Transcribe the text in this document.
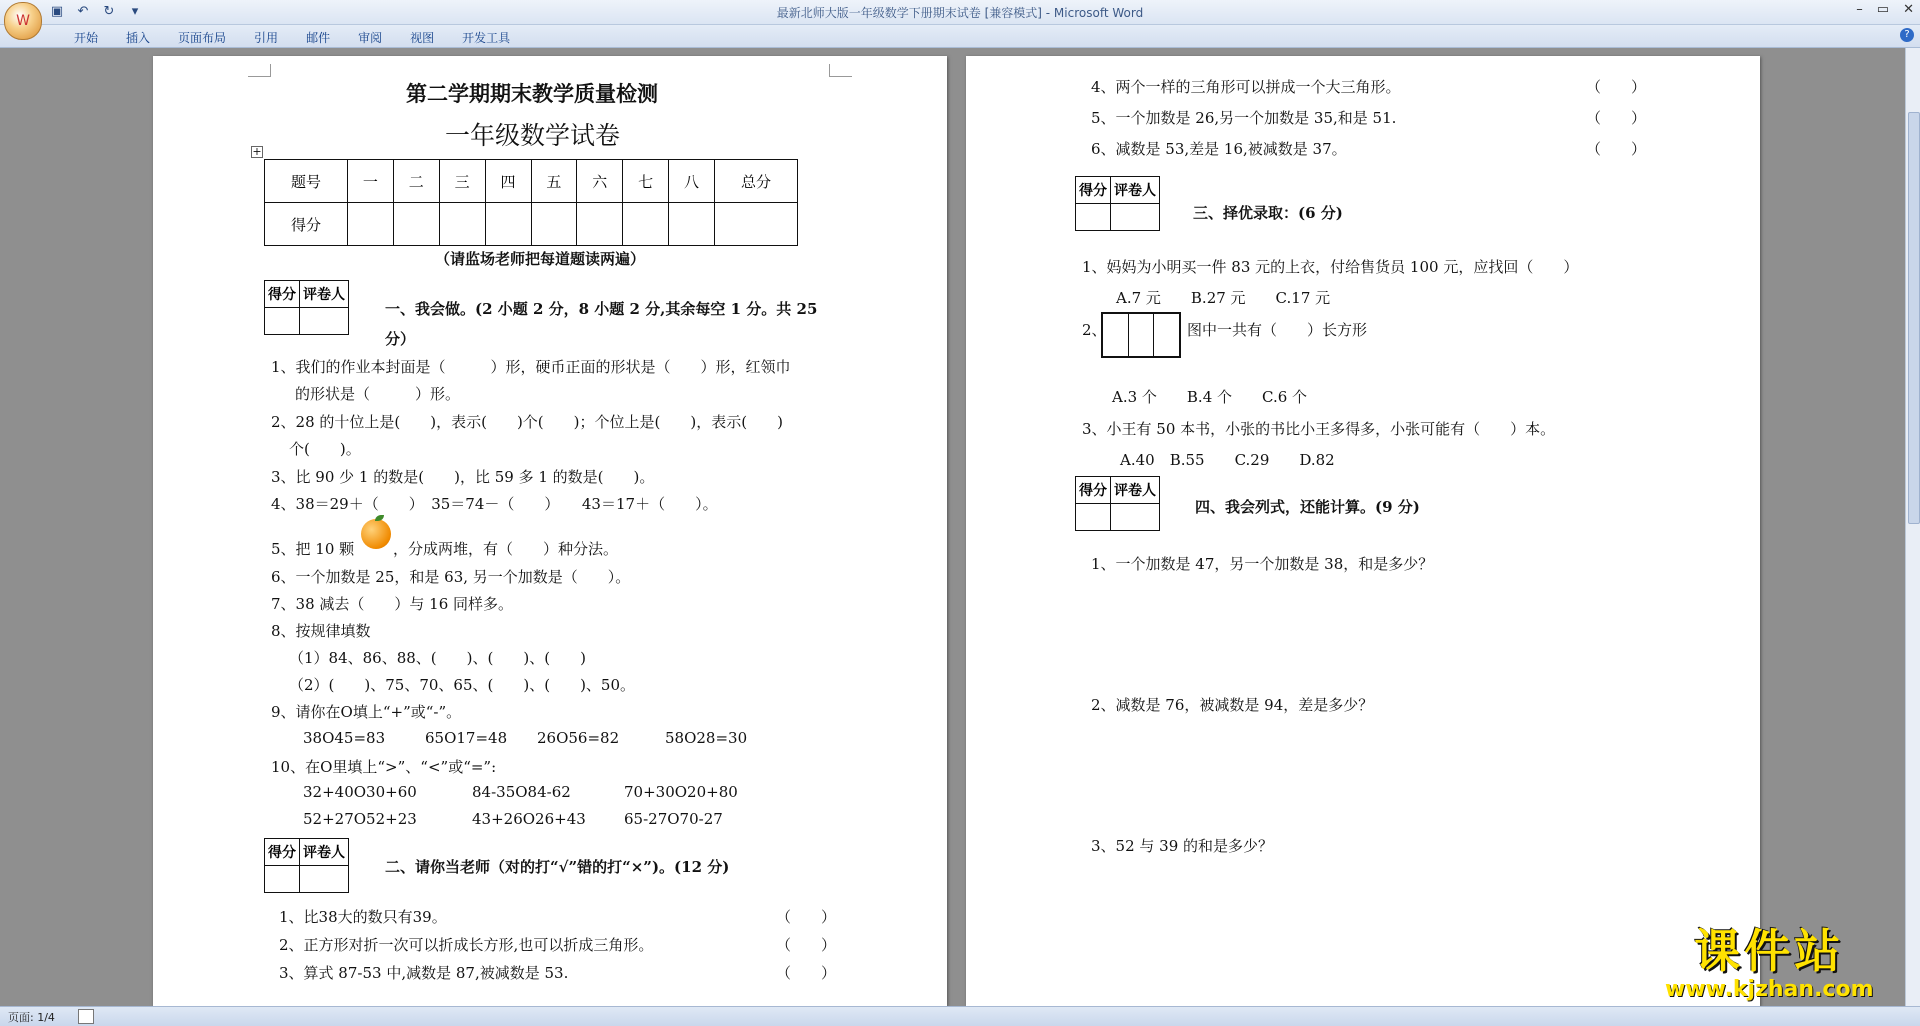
▣ ↶ ↻	▾	最新北师大版一年级数学下册期末试卷 [兼容模式] - Microsoft Word	– ▭ ✕
W
开始	插入	页面布局	引用	邮件	审阅	视图	开发工具	?
第二学期期末教学质量检测
一年级数学试卷
+
题号	一	二	三	四	五	六	七	八	总分
得分									
（请监场老师把每道题读两遍）
得分	评卷人

一、我会做。(2 小题 2 分，8 小题 2 分,其余每空 1 分。共 25
分）
1、我们的作业本封面是（　　　）形，硬币正面的形状是（　　）形，红领巾
的形状是（　　　）形。
2、28 的十位上是(　　)，表示(　　)个(　　)；个位上是(　　)，表示(　　)
个(　　)。
3、比 90 少 1 的数是(　　)，比 59 多 1 的数是(　　)。
4、38＝29＋（　　）　35＝74－（　　）　　43＝17＋（　　）。
5、把 10 颗	，分成两堆，有（　　）种分法。
6、一个加数是 25，和是 63, 另一个加数是（　　）。
7、38 减去（　　）与 16 同样多。
8、按规律填数
（1）84、86、88、(　　)、(　　)、(　　)
（2）(　　)、75、70、65、(　　)、(　　)、50。
9、请你在O填上“+”或“-”。
38O45=83	65O17=48 26O56=82	58O28=30
10、在O里填上“>”、“<”或“=”:
32+40O30+60	84-35O84-62	70+30O20+80
52+27O52+23	43+26O26+43	65-27O70-27
得分	评卷人

二、请你当老师（对的打“√”错的打“×”)。(12 分)
1、比38大的数只有39。	（　　）
2、正方形对折一次可以折成长方形,也可以折成三角形。	（　　）
3、算式 87-53 中,减数是 87,被减数是 53.	（　　）
4、两个一样的三角形可以拼成一个大三角形。	（　　）
5、一个加数是 26,另一个加数是 35,和是 51.	（　　）
6、减数是 53,差是 16,被减数是 37。	（　　）
得分	评卷人

三、择优录取：(6 分)
1、妈妈为小明买一件 83 元的上衣，付给售货员 100 元，应找回（　　）
A.7 元　　B.27 元　　C.17 元
2、	图中一共有（　　）长方形
A.3 个　　B.4 个　　C.6 个
3、小王有 50 本书，小张的书比小王多得多，小张可能有（　　）本。
A.40　B.55　　C.29　　D.82
得分	评卷人

四、我会列式，还能计算。(9 分)
1、一个加数是 47，另一个加数是 38，和是多少？
2、减数是 76，被减数是 94，差是多少？
3、52 与 39 的和是多少？
页面: 1/4
课件站
www.kjzhan.com
